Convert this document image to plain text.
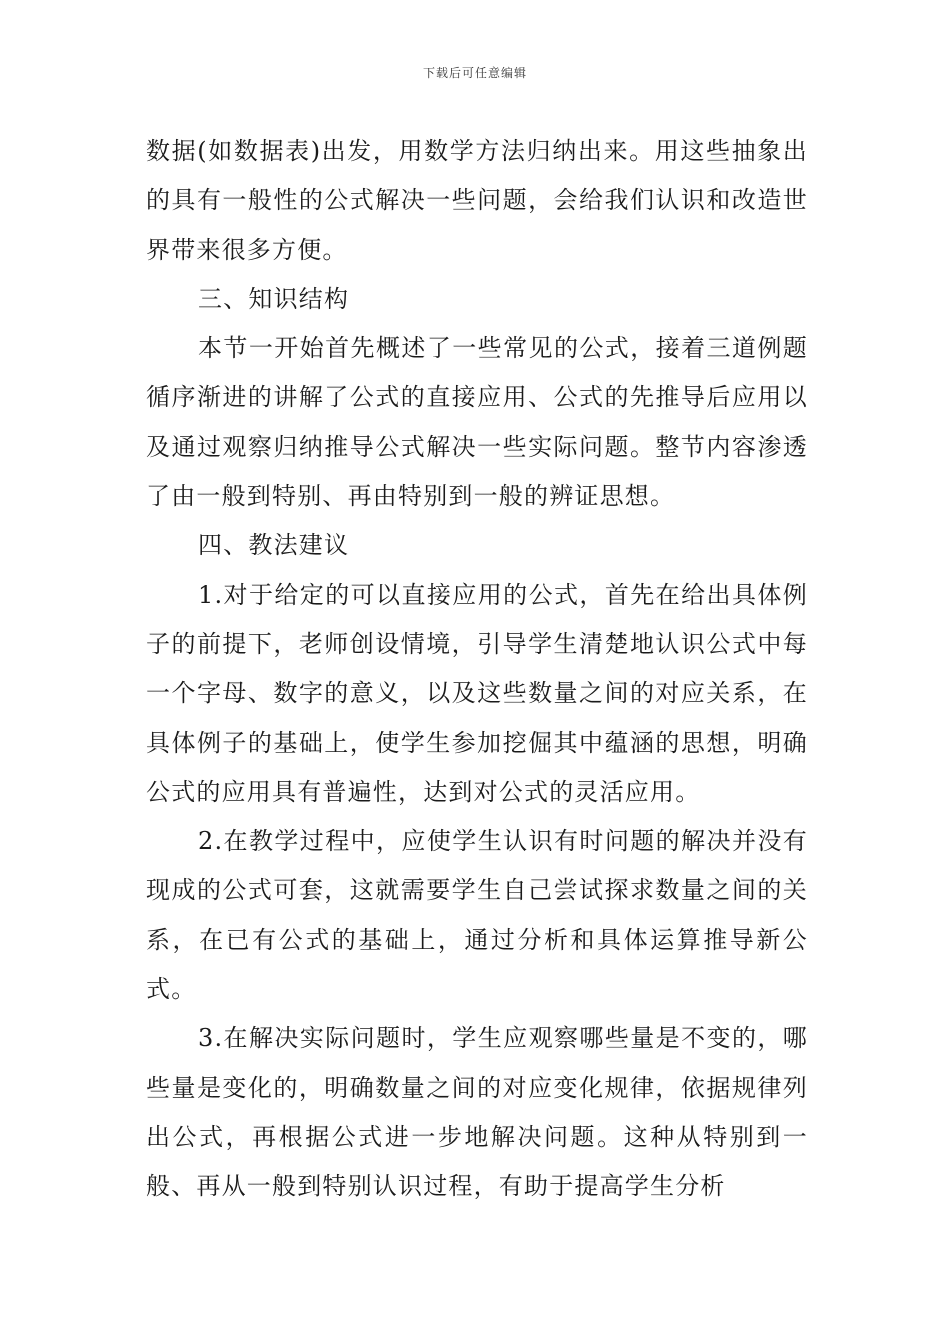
下载后可任意编辑

数据(如数据表)出发，用数学方法归纳出来。用这些抽象出的具有一般性的公式解决一些问题，会给我们认识和改造世界带来很多方便。

三、知识结构

本节一开始首先概述了一些常见的公式，接着三道例题循序渐进的讲解了公式的直接应用、公式的先推导后应用以及通过观察归纳推导公式解决一些实际问题。整节内容渗透了由一般到特别、再由特别到一般的辨证思想。

四、教法建议

1.对于给定的可以直接应用的公式，首先在给出具体例子的前提下，老师创设情境，引导学生清楚地认识公式中每一个字母、数字的意义，以及这些数量之间的对应关系，在具体例子的基础上，使学生参加挖倔其中蕴涵的思想，明确公式的应用具有普遍性，达到对公式的灵活应用。

2.在教学过程中，应使学生认识有时问题的解决并没有现成的公式可套，这就需要学生自己尝试探求数量之间的关系，在已有公式的基础上，通过分析和具体运算推导新公式。

3.在解决实际问题时，学生应观察哪些量是不变的，哪些量是变化的，明确数量之间的对应变化规律，依据规律列出公式，再根据公式进一步地解决问题。这种从特别到一般、再从一般到特别认识过程，有助于提高学生分析
